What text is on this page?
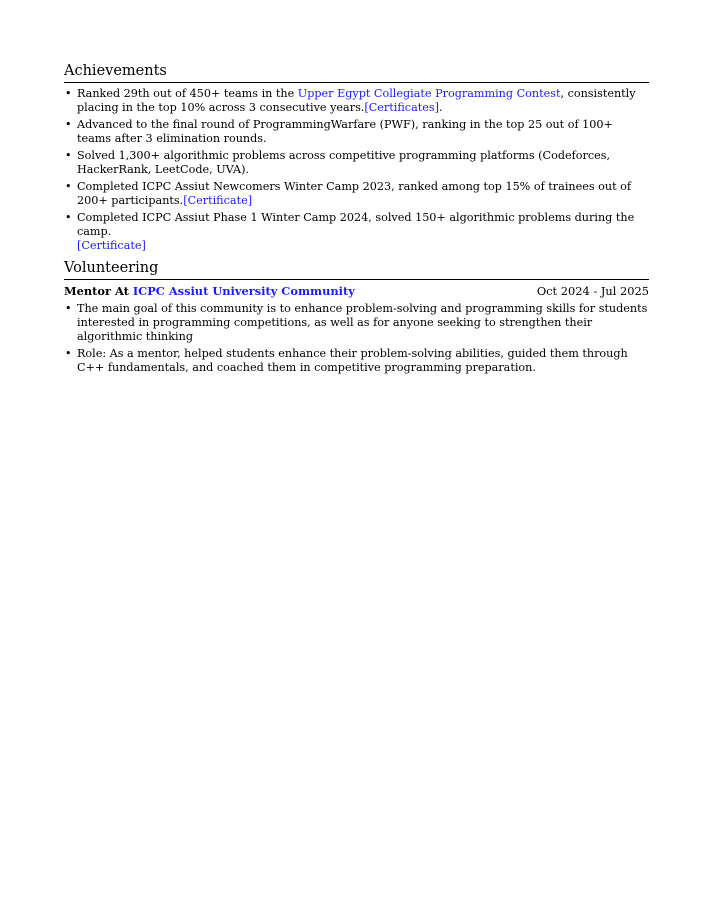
Achievements
• Ranked 29th out of 450+ teams in the Upper Egypt Collegiate Programming Contest, consistently placing in the top 10% across 3 consecutive years.[Certificates].
• Advanced to the final round of ProgrammingWarfare (PWF), ranking in the top 25 out of 100+ teams after 3 elimination rounds.
• Solved 1,300+ algorithmic problems across competitive programming platforms (Codeforces, HackerRank, LeetCode, UVA).
• Completed ICPC Assiut Newcomers Winter Camp 2023, ranked among top 15% of trainees out of 200+ participants.[Certificate]
• Completed ICPC Assiut Phase 1 Winter Camp 2024, solved 150+ algorithmic problems during the camp.
[Certificate]
Volunteering
Mentor At ICPC Assiut University Community	Oct 2024 - Jul 2025
• The main goal of this community is to enhance problem-solving and programming skills for students interested in programming competitions, as well as for anyone seeking to strengthen their algorithmic thinking
• Role: As a mentor, helped students enhance their problem-solving abilities, guided them through C++ fundamentals, and coached them in competitive programming preparation.
